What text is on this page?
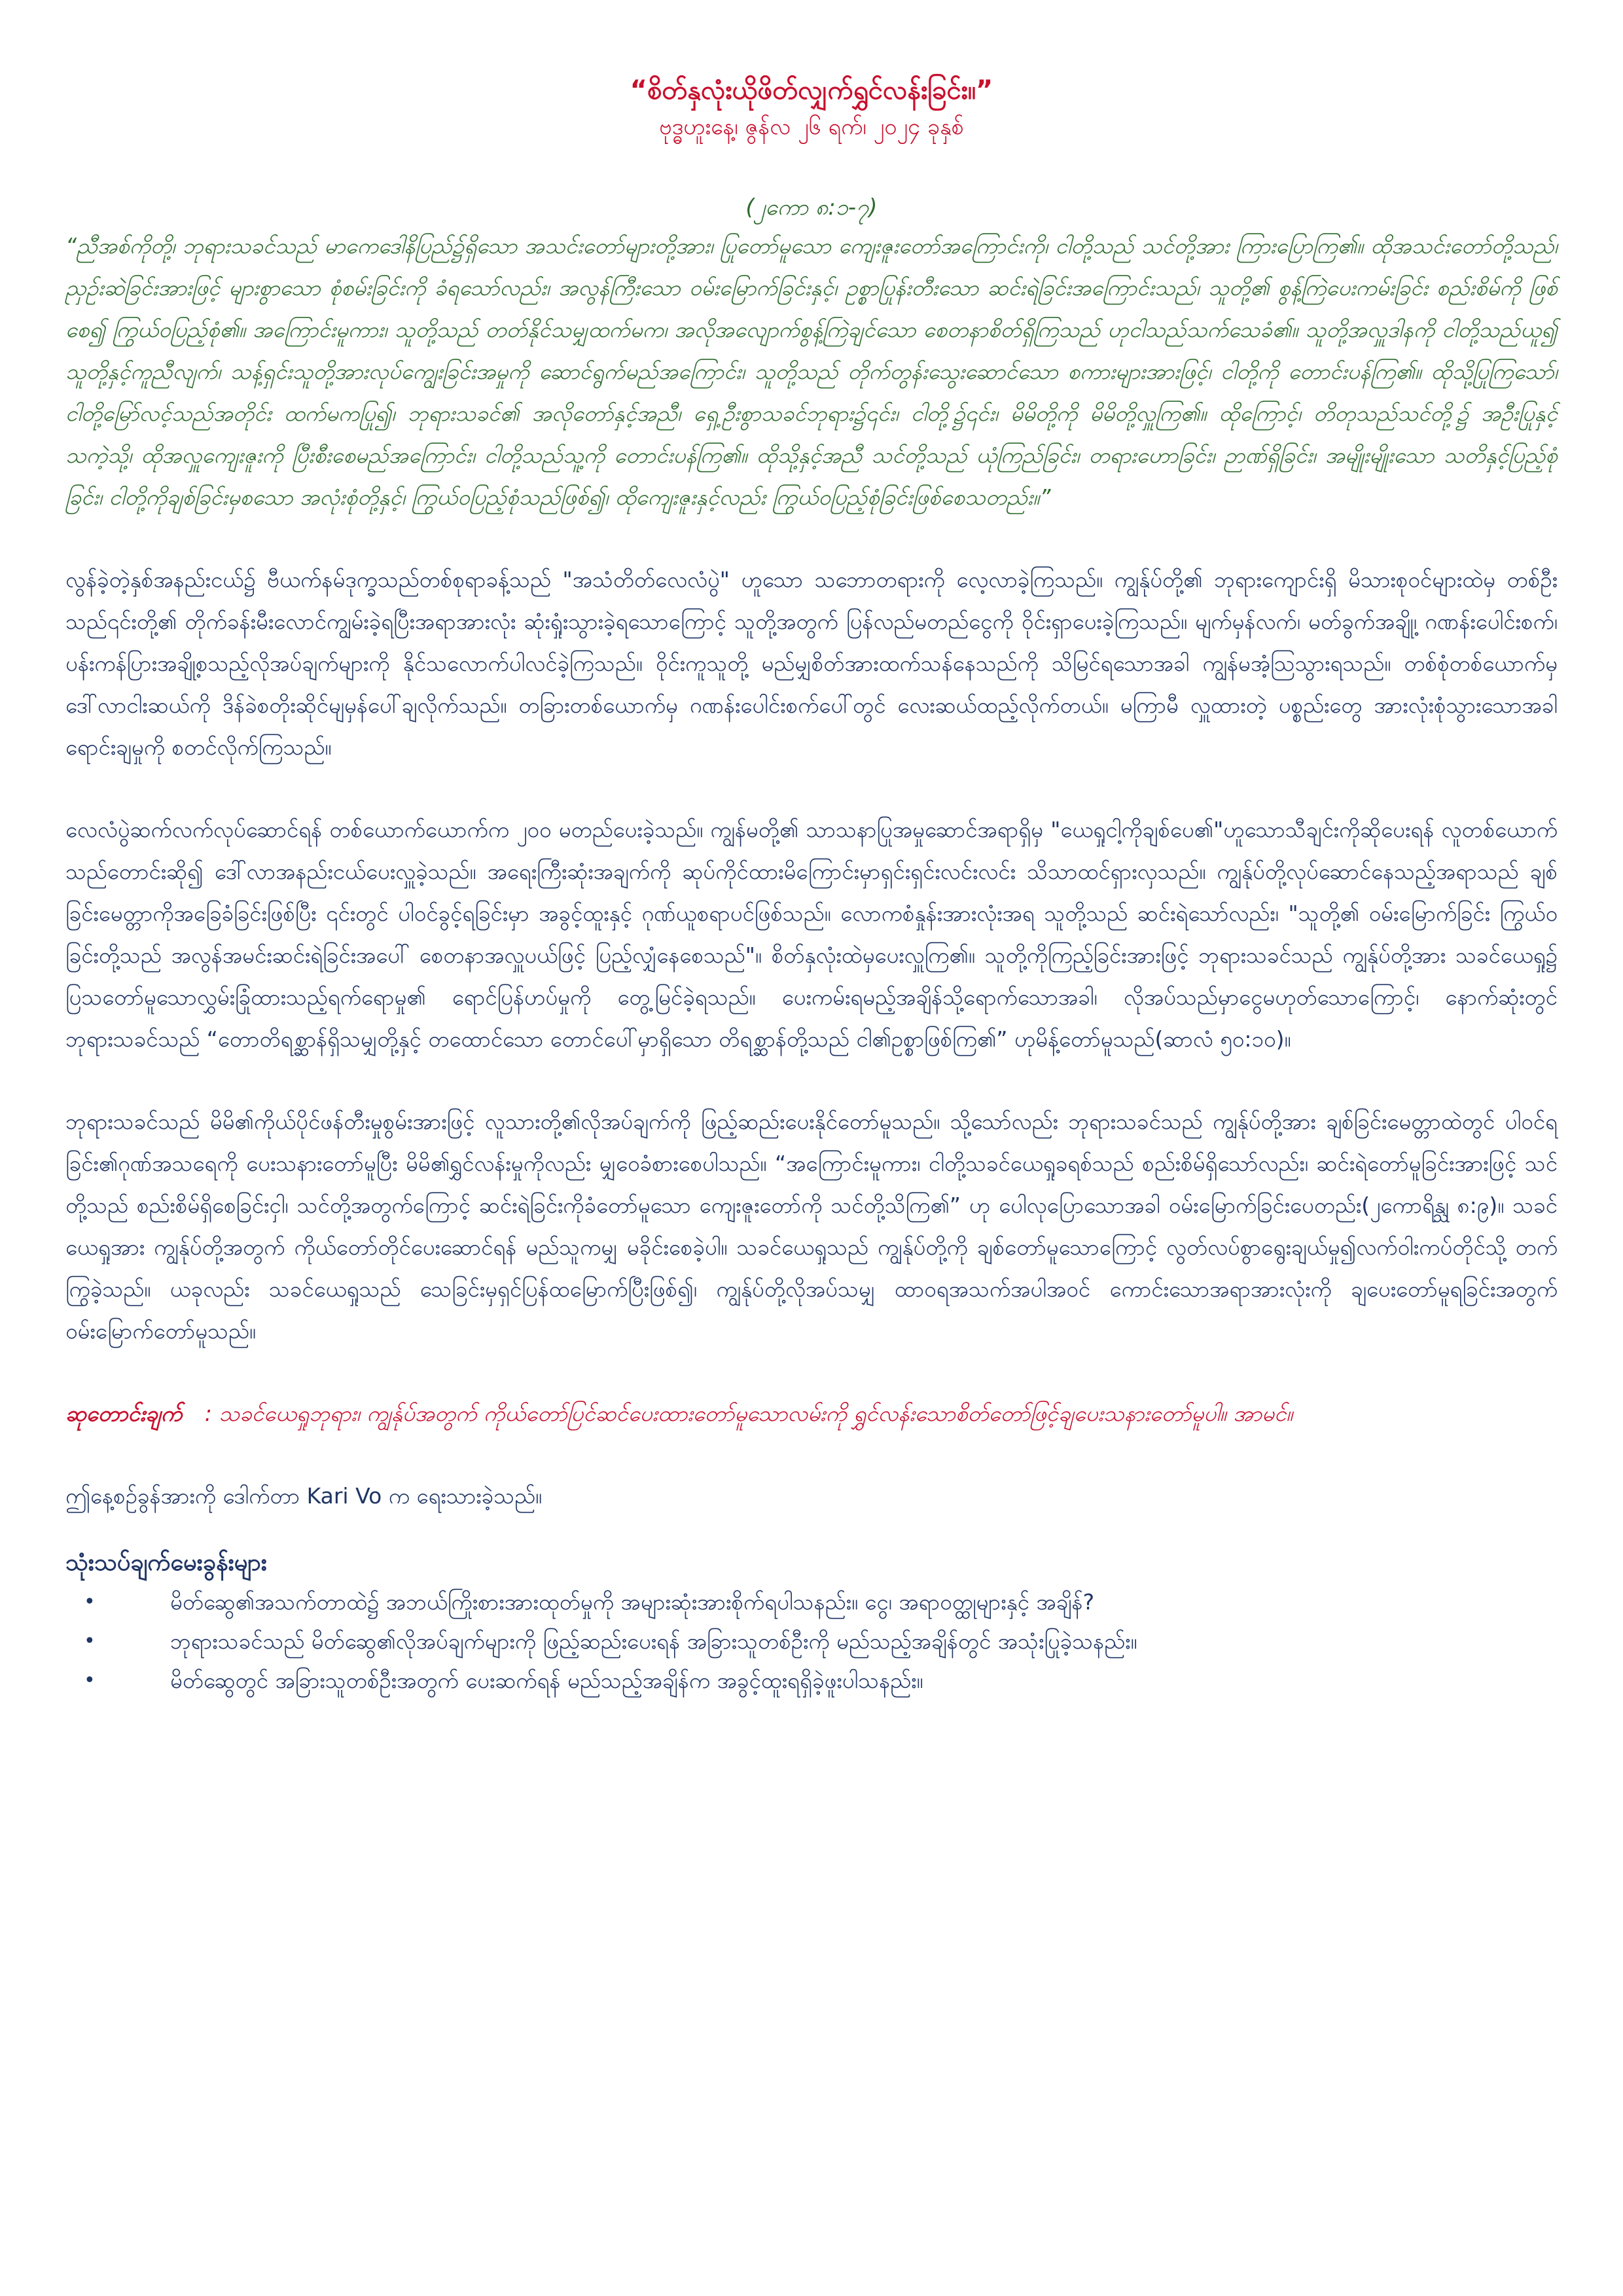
“စိတ်နှလုံးယိုဖိတ်လျှက်ရွှင်လန်းခြင်း။”
ဗုဒ္ဓဟူးနေ့၊ ဇွန်လ ၂၆ ရက်၊ ၂၀၂၄ ခုနှစ်
(၂ကော ၈:၁-၇)

“ညီအစ်ကိုတို့၊ ဘုရားသခင်သည် မာကေဒေါနိပြည်၌ရှိသော အသင်းတော်များတို့အား၊ ပြုတော်မူသော ကျေးဇူးတော်အကြောင်းကို၊ ငါတို့သည် သင်တို့အား ကြားပြောကြ၏။ ထိုအသင်းတော်တို့သည်၊ ညှဉ်းဆဲခြင်းအားဖြင့် များစွာသော စုံစမ်းခြင်းကို ခံရသော်လည်း၊ အလွန်ကြီးသော ဝမ်းမြောက်ခြင်းနှင့်၊ ဥစ္စာပြုန်းတီးသော ဆင်းရဲခြင်းအကြောင်းသည်၊ သူတို့၏ စွန့်ကြဲပေးကမ်းခြင်း စည်းစိမ်ကို ဖြစ်စေ၍ ကြွယ်ဝပြည့်စုံ၏။ အကြောင်းမူကား၊ သူတို့သည် တတ်နိုင်သမျှထက်မက၊ အလိုအလျောက်စွန့်ကြဲချင်သော စေတနာစိတ်ရှိကြသည် ဟုငါသည်သက်သေခံ၏။ သူတို့အလှူဒါနကို ငါတို့သည်ယူ၍ သူတို့နှင့်ကူညီလျက်၊ သန့်ရှင်းသူတို့အားလုပ်ကျွေးခြင်းအမှုကို ဆောင်ရွက်မည်အကြောင်း၊ သူတို့သည် တိုက်တွန်းသွေးဆောင်သော စကားများအားဖြင့်၊ ငါတို့ကို တောင်းပန်ကြ၏။ ထိုသို့ပြုကြသော်၊ ငါတို့မြော်လင့်သည်အတိုင်း ထက်မကပြု၍၊ ဘုရားသခင်၏ အလိုတော်နှင့်အညီ၊ ရှေ့ဦးစွာသခင်ဘုရား၌၎င်း၊ ငါတို့၌၎င်း၊ မိမိတို့ကို မိမိတို့လှူကြ၏။ ထိုကြောင့်၊ တိတုသည်သင်တို့၌ အဦးပြုနှင့်သကဲ့သို့၊ ထိုအလှူကျေးဇူးကို ပြီးစီးစေမည်အကြောင်း၊ ငါတို့သည်သူ့ကို တောင်းပန်ကြ၏။ ထိုသို့နှင့်အညီ သင်တို့သည် ယုံကြည်ခြင်း၊ တရားဟောခြင်း၊ ဉာဏ်ရှိခြင်း၊ အမျိုးမျိုးသော သတိနှင့်ပြည့်စုံခြင်း၊ ငါတို့ကိုချစ်ခြင်းမှစသော အလုံးစုံတို့နှင့်၊ ကြွယ်ဝပြည့်စုံသည်ဖြစ်၍၊ ထိုကျေးဇူးနှင့်လည်း ကြွယ်ဝပြည့်စုံခြင်းဖြစ်စေသတည်း။”

လွန်ခဲ့တဲ့နှစ်အနည်းငယ်၌ ဗီယက်နမ်ဒုက္ခသည်တစ်စုရာခန့်သည် "အသံတိတ်လေလံပွဲ" ဟူသော သဘောတရားကို လေ့လာခဲ့ကြသည်။ ကျွန်ုပ်တို့၏ ဘုရားကျောင်းရှိ မိသားစုဝင်များထဲမှ တစ်ဦးသည်၎င်းတို့၏ တိုက်ခန်းမီးလောင်ကျွမ်းခဲ့ရပြီးအရာအားလုံး ဆုံးရှုံးသွားခဲ့ရသောကြောင့် သူတို့အတွက် ပြန်လည်မတည်ငွေကို ဝိုင်းရှာပေးခဲ့ကြသည်။ မျက်မှန်လက်၊ မတ်ခွက်အချို့၊ ဂဏန်းပေါင်းစက်၊ ပန်းကန်ပြားအချို့စသည့်လိုအပ်ချက်များကို နိုင်သလောက်ပါလင်ခဲ့ကြသည်။ ဝိုင်းကူသူတို့ မည်မျှစိတ်အားထက်သန်နေသည်ကို သိမြင်ရသောအခါ ကျွန်မအံ့သြသွားရသည်။ တစ်စုံတစ်ယောက်မှ ဒေါ်လာငါးဆယ်ကို ဒိန်ခဲစတိုးဆိုင်မျမှန်ပေါ်ချလိုက်သည်။ တခြားတစ်ယောက်မှ ဂဏန်းပေါင်းစက်ပေါ်တွင် လေးဆယ်ထည့်လိုက်တယ်။ မကြာမီ လှူထားတဲ့ ပစ္စည်းတွေ အားလုံးစုံသွားသောအခါ ရောင်းချမှုကို စတင်လိုက်ကြသည်။

လေလံပွဲဆက်လက်လုပ်ဆောင်ရန် တစ်ယောက်ယောက်က ၂၀၀ မတည်ပေးခဲ့သည်။ ကျွန်မတို့၏ သာသနာပြုအမှုဆောင်အရာရှိမှ "ယေရှုငါ့ကိုချစ်ပေ၏"ဟူသောသီချင်းကိုဆိုပေးရန် လူတစ်ယောက်သည်တောင်းဆို၍ ဒေါ်လာအနည်းငယ်ပေးလှူခဲ့သည်။ အရေးကြီးဆုံးအချက်ကို ဆုပ်ကိုင်ထားမိကြောင်းမှာရှင်းရှင်းလင်းလင်း သိသာထင်ရှားလှသည်။ ကျွန်ုပ်တို့လုပ်ဆောင်နေသည့်အရာသည် ချစ်ခြင်းမေတ္တာကိုအခြေခံခြင်းဖြစ်ပြီး ၎င်းတွင် ပါဝင်ခွင့်ရခြင်းမှာ အခွင့်ထူးနှင့် ဂုဏ်ယူစရာပင်ဖြစ်သည်။ လောကစံနှုန်းအားလုံးအရ သူတို့သည် ဆင်းရဲသော်လည်း၊ "သူတို့၏ ဝမ်းမြောက်ခြင်း ကြွယ်ဝခြင်းတို့သည် အလွန်အမင်းဆင်းရဲခြင်းအပေါ် စေတနာအလှူပယ်ဖြင့် ပြည့်လျှံနေစေသည်"။ စိတ်နှလုံးထဲမှပေးလှူကြ၏။ သူတို့ကိုကြည့်ခြင်းအားဖြင့် ဘုရားသခင်သည် ကျွန်ုပ်တို့အား သခင်ယေရှု၌ ပြသတော်မူသောလွှမ်းခြုံထားသည့်ရက်ရောမှု၏ ရောင်ပြန်ဟပ်မှုကို တွေ့မြင်ခဲ့ရသည်။ ပေးကမ်းရမည့်အချိန်သို့ရောက်သောအခါ၊ လိုအပ်သည်မှာငွေမဟုတ်သောကြောင့်၊ နောက်ဆုံးတွင် ဘုရားသခင်သည် “တောတိရစ္ဆာန်ရှိသမျှတို့နှင့် တထောင်သော တောင်ပေါ်မှာရှိသော တိရစ္ဆာန်တို့သည် ငါ၏ဥစ္စာဖြစ်ကြ၏” ဟုမိန့်တော်မူသည်(ဆာလံ ၅၀:၁၀)။

ဘုရားသခင်သည် မိမိ၏ကိုယ်ပိုင်ဖန်တီးမှုစွမ်းအားဖြင့် လူသားတို့၏လိုအပ်ချက်ကို ဖြည့်ဆည်းပေးနိုင်တော်မူသည်။ သို့သော်လည်း ဘုရားသခင်သည် ကျွန်ုပ်တို့အား ချစ်ခြင်းမေတ္တာထဲတွင် ပါဝင်ရခြင်း၏ဂုဏ်အသရေကို ပေးသနားတော်မူပြီး မိမိ၏ရွှင်လန်းမှုကိုလည်း မျှဝေခံစားစေပါသည်။ “အကြောင်းမူကား၊ ငါတို့သခင်ယေရှုခရစ်သည် စည်းစိမ်ရှိသော်လည်း၊ ဆင်းရဲတော်မူခြင်းအားဖြင့် သင်တို့သည် စည်းစိမ်ရှိစေခြင်းငှါ၊ သင်တို့အတွက်ကြောင့် ဆင်းရဲခြင်းကိုခံတော်မူသော ကျေးဇူးတော်ကို သင်တို့သိကြ၏” ဟု ပေါလုပြောသောအခါ ဝမ်းမြောက်ခြင်းပေတည်း(၂ကောရိန္သု ၈:၉)။ သခင်ယေရှုအား ကျွန်ုပ်တို့အတွက် ကိုယ်တော်တိုင်ပေးဆောင်ရန် မည်သူကမျှ မခိုင်းစေခဲ့ပါ။ သခင်ယေရှုသည် ကျွန်ုပ်တို့ကို ချစ်တော်မူသောကြောင့် လွတ်လပ်စွာရွေးချယ်မှု၍လက်ဝါးကပ်တိုင်သို့ တက်ကြွခဲ့သည်။ ယခုလည်း သခင်ယေရှုသည် သေခြင်းမှရှင်ပြန်ထမြောက်ပြီးဖြစ်၍၊ ကျွန်ုပ်တို့လိုအပ်သမျှ ထာဝရအသက်အပါအဝင် ကောင်းသောအရာအားလုံးကို ချပေးတော်မူရခြင်းအတွက် ဝမ်းမြောက်တော်မူသည်။

ဆုတောင်းချက် : သခင်ယေရှုဘုရား၊ ကျွန်ုပ်အတွက် ကိုယ်တော်ပြင်ဆင်ပေးထားတော်မူသောလမ်းကို ရွှင်လန်းသောစိတ်တော်ဖြင့်ချပေးသနားတော်မူပါ။ အာမင်။

ဤနေ့စဉ်ခွန်အားကို ဒေါက်တာ Kari Vo က ရေးသားခဲ့သည်။

သုံးသပ်ချက်မေးခွန်းများ

•	မိတ်ဆွေ၏အသက်တာထဲ၌ အဘယ်ကြိုးစားအားထုတ်မှုကို အများဆုံးအားစိုက်ရပါသနည်း။ ငွေ၊ အရာဝတ္ထုများနှင့် အချိန်?
•	ဘုရားသခင်သည် မိတ်ဆွေ၏လိုအပ်ချက်များကို ဖြည့်ဆည်းပေးရန် အခြားသူတစ်ဦးကို မည်သည့်အချိန်တွင် အသုံးပြုခဲ့သနည်း။
•	မိတ်ဆွေတွင် အခြားသူတစ်ဦးအတွက် ပေးဆက်ရန် မည်သည့်အချိန်က အခွင့်ထူးရရှိခဲ့ဖူးပါသနည်း။
